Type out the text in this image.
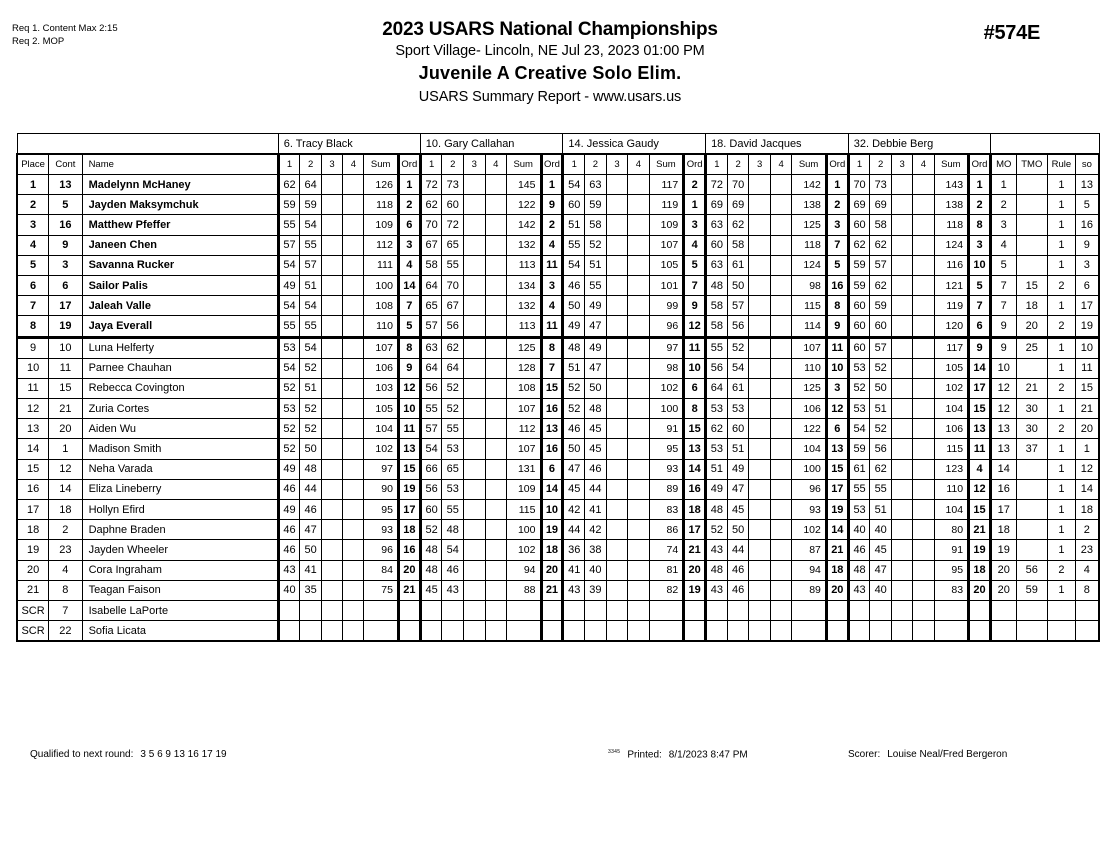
Req 1. Content Max 2:15
Req 2. MOP	#574E
2023 USARS National Championships
Sport Village- Lincoln, NE Jul 23, 2023 01:00 PM
Juvenile A Creative Solo Elim.
USARS Summary Report - www.usars.us
			6. Tracy Black						10. Gary Callahan						14. Jessica Gaudy						18. David Jacques						32. Debbie Berg									
Place	Cont	Name	1	2	3	4	Sum	Ord	1	2	3	4	Sum	Ord	1	2	3	4	Sum	Ord	1	2	3	4	Sum	Ord	1	2	3	4	Sum	Ord	MO	TMO	Rule	so
1	13	Madelynn McHaney	62	64			126	1	72	73			145	1	54	63			117	2	72	70			142	1	70	73			143	1	1		1	13
2	5	Jayden Maksymchuk	59	59			118	2	62	60			122	9	60	59			119	1	69	69			138	2	69	69			138	2	2		1	5
3	16	Matthew Pfeffer	55	54			109	6	70	72			142	2	51	58			109	3	63	62			125	3	60	58			118	8	3		1	16
4	9	Janeen Chen	57	55			112	3	67	65			132	4	55	52			107	4	60	58			118	7	62	62			124	3	4		1	9
5	3	Savanna Rucker	54	57			111	4	58	55			113	11	54	51			105	5	63	61			124	5	59	57			116	10	5		1	3
6	6	Sailor Palis	49	51			100	14	64	70			134	3	46	55			101	7	48	50			98	16	59	62			121	5	7	15	2	6
7	17	Jaleah Valle	54	54			108	7	65	67			132	4	50	49			99	9	58	57			115	8	60	59			119	7	7	18	1	17
8	19	Jaya Everall	55	55			110	5	57	56			113	11	49	47			96	12	58	56			114	9	60	60			120	6	9	20	2	19
9	10	Luna Helferty	53	54			107	8	63	62			125	8	48	49			97	11	55	52			107	11	60	57			117	9	9	25	1	10
10	11	Parnee Chauhan	54	52			106	9	64	64			128	7	51	47			98	10	56	54			110	10	53	52			105	14	10		1	11
11	15	Rebecca Covington	52	51			103	12	56	52			108	15	52	50			102	6	64	61			125	3	52	50			102	17	12	21	2	15
12	21	Zuria Cortes	53	52			105	10	55	52			107	16	52	48			100	8	53	53			106	12	53	51			104	15	12	30	1	21
13	20	Aiden Wu	52	52			104	11	57	55			112	13	46	45			91	15	62	60			122	6	54	52			106	13	13	30	2	20
14	1	Madison Smith	52	50			102	13	54	53			107	16	50	45			95	13	53	51			104	13	59	56			115	11	13	37	1	1
15	12	Neha Varada	49	48			97	15	66	65			131	6	47	46			93	14	51	49			100	15	61	62			123	4	14		1	12
16	14	Eliza Lineberry	46	44			90	19	56	53			109	14	45	44			89	16	49	47			96	17	55	55			110	12	16		1	14
17	18	Hollyn Efird	49	46			95	17	60	55			115	10	42	41			83	18	48	45			93	19	53	51			104	15	17		1	18
18	2	Daphne Braden	46	47			93	18	52	48			100	19	44	42			86	17	52	50			102	14	40	40			80	21	18		1	2
19	23	Jayden Wheeler	46	50			96	16	48	54			102	18	36	38			74	21	43	44			87	21	46	45			91	19	19		1	23
20	4	Cora Ingraham	43	41			84	20	48	46			94	20	41	40			81	20	48	46			94	18	48	47			95	18	20	56	2	4
21	8	Teagan Faison	40	35			75	21	45	43			88	21	43	39			82	19	43	46			89	20	43	40			83	20	20	59	1	8
SCR	7	Isabelle LaPorte																																		
SCR	22	Sofia Licata																																		
Qualified to next round: 3 5 6 9 13 16 17 19	$^{3345}$ Printed: 8/1/2023 8:47 PM	Scorer: Louise Neal/Fred Bergeron
